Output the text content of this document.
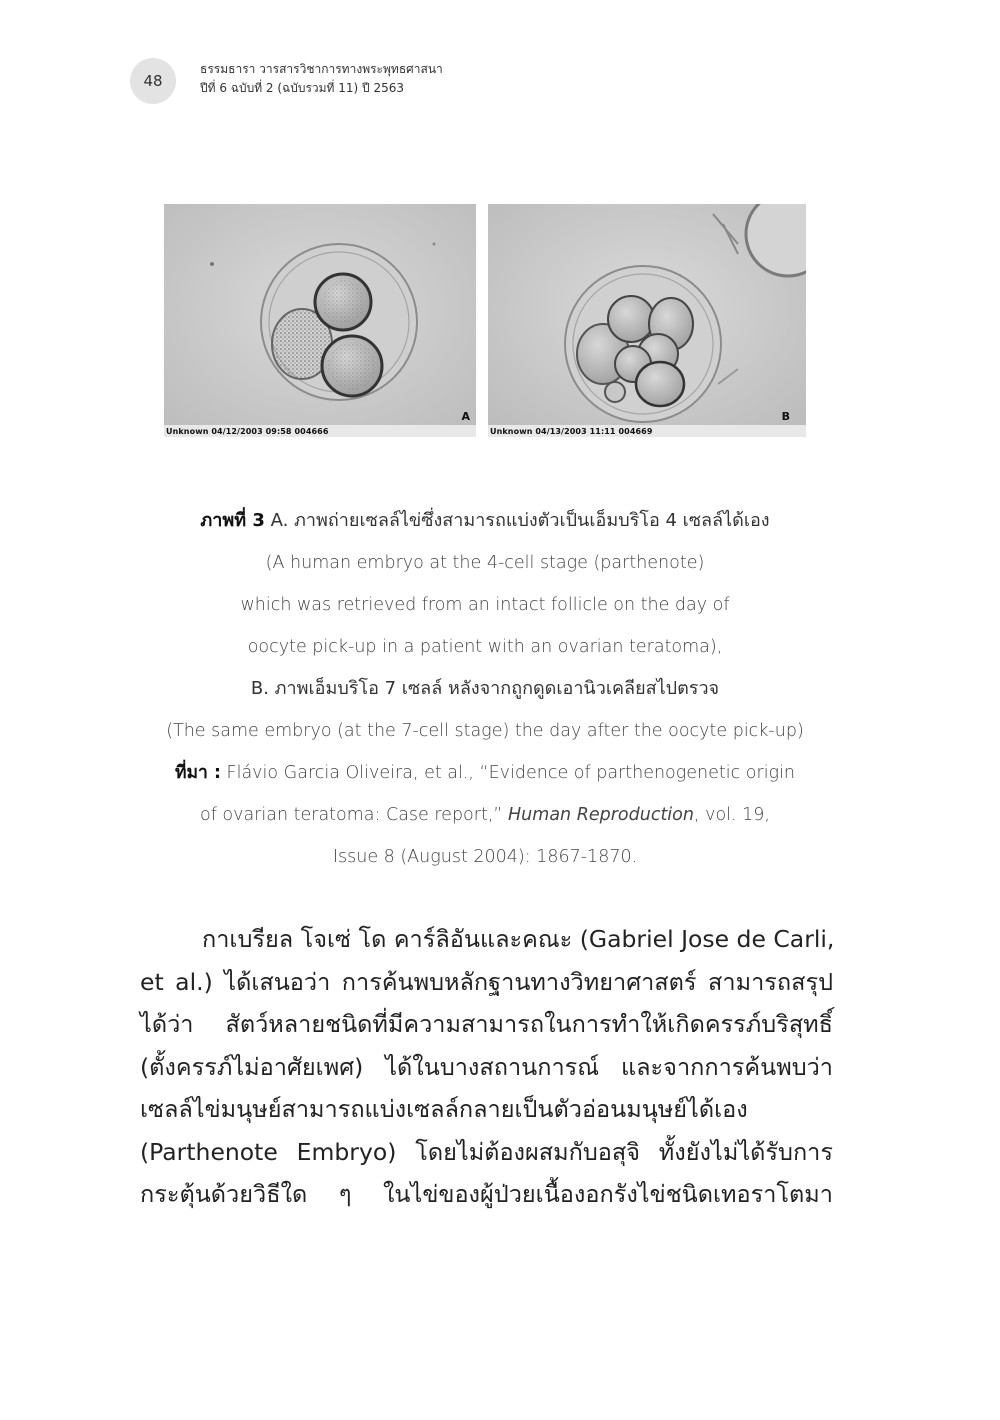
48
ธรรมธารา วารสารวิชาการทางพระพุทธศาสนา
ปีที่ 6 ฉบับที่ 2 (ฉบับรวมที่ 11) ปี 2563
A
Unknown 04/12/2003 09:58 004666
B
Unknown 04/13/2003 11:11 004669
ภาพที่ 3 A. ภาพถ่ายเซลล์ไข่ซึ่งสามารถแบ่งตัวเป็นเอ็มบริโอ 4 เซลล์ได้เอง
(A human embryo at the 4-cell stage (parthenote)
which was retrieved from an intact follicle on the day of
oocyte pick-up in a patient with an ovarian teratoma),
B. ภาพเอ็มบริโอ 7 เซลล์ หลังจากถูกดูดเอานิวเคลียสไปตรวจ
(The same embryo (at the 7-cell stage) the day after the oocyte pick-up)
ที่มา : Flávio Garcia Oliveira, et al., “Evidence of parthenogenetic origin
of ovarian teratoma: Case report,” Human Reproduction, vol. 19,
Issue 8 (August 2004): 1867-1870.
กาเบรียล โจเซ่ โด คาร์ลิอันและคณะ (Gabriel Jose de Carli,
et al.) ได้เสนอว่า การค้นพบหลักฐานทางวิทยาศาสตร์ สามารถสรุป
ได้ว่า สัตว์หลายชนิดที่มีความสามารถในการทำให้เกิดครรภ์บริสุทธิ์
(ตั้งครรภ์ไม่อาศัยเพศ) ได้ในบางสถานการณ์ และจากการค้นพบว่า
เซลล์ไข่มนุษย์สามารถแบ่งเซลล์กลายเป็นตัวอ่อนมนุษย์ได้เอง
(Parthenote Embryo) โดยไม่ต้องผสมกับอสุจิ ทั้งยังไม่ได้รับการ
กระตุ้นด้วยวิธีใด ๆ ในไข่ของผู้ป่วยเนื้องอกรังไข่ชนิดเทอราโตมา
